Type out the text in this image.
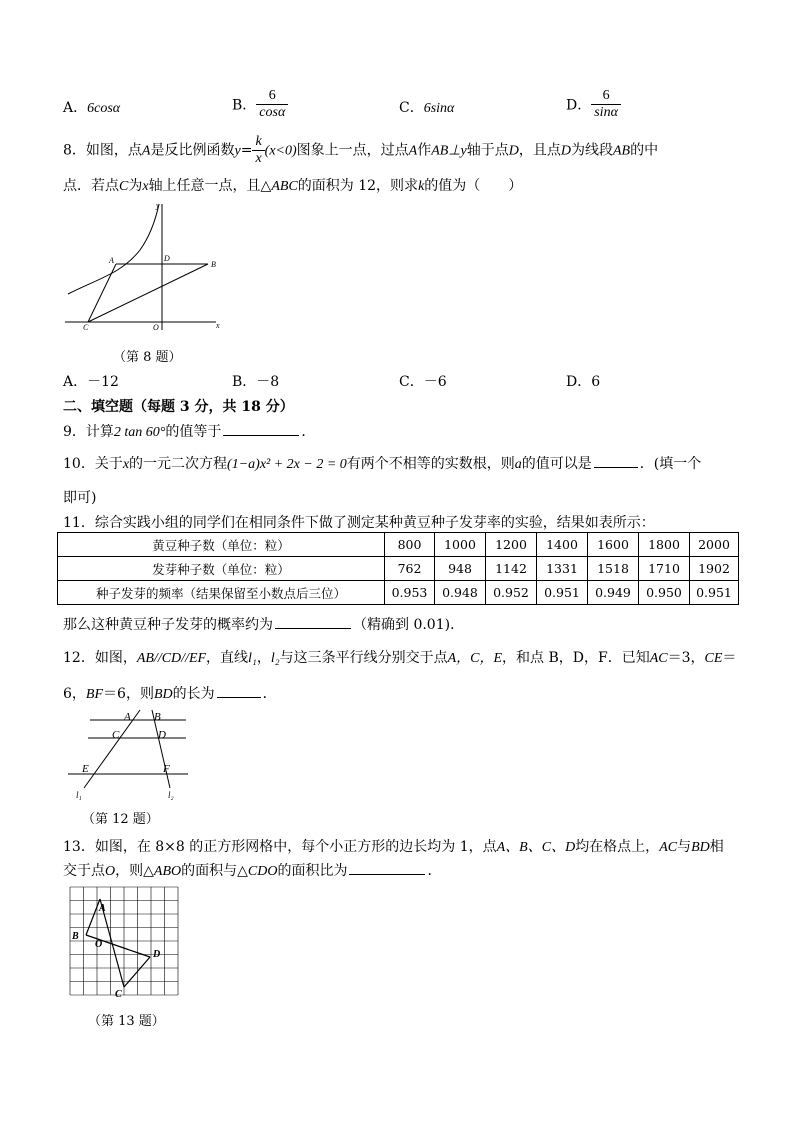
A．6cosα	B． $\frac{6}{\cos\alpha}$	C．6sinα	D． $\frac{6}{\sin\alpha}$
8．如图，点A是反比例函数$y= \frac{k}{x} (x<0)$图象上一点，过点A作AB⊥y轴于点D，且点D为线段AB的中
点．若点C为x轴上任意一点，且△ABC的面积为 12，则求k的值为（　　）
y
x
A	D
B
C	O
（第 8 题）
A．－12	B．－8	C．－6	D．6
二、填空题（每题 3 分，共 18 分）
9．计算2 tan 60°的值等于	．
10．关于x的一元二次方程(1−a)x² + 2x − 2 = 0有两个不相等的实数根，则a的值可以是	．(填一个
即可)
11．综合实践小组的同学们在相同条件下做了测定某种黄豆种子发芽率的实验，结果如表所示：
黄豆种子数（单位：粒）	800	1000	1200	1400	1600	1800	2000
发芽种子数（单位：粒）	762	948	1142	1331	1518	1710	1902
种子发芽的频率（结果保留至小数点后三位）	0.953	0.948	0.952	0.951	0.949	0.950	0.951
那么这种黄豆种子发芽的概率约为	（精确到 0.01)．
12．如图，AB//CD//EF，直线l₁，l₂与这三条平行线分别交于点A，C，E，和点 B，D，F．已知AC＝3，CE＝
6，BF＝6，则BD的长为	．
A B
C	D
E	F
l₁	l₂
（第 12 题）
13．如图，在 8×8 的正方形网格中，每个小正方形的边长均为 1，点A、B、C、D均在格点上，AC与BD相
交于点O，则△ABO的面积与△CDO的面积比为	．
A
B
O
D
C
（第 13 题）
